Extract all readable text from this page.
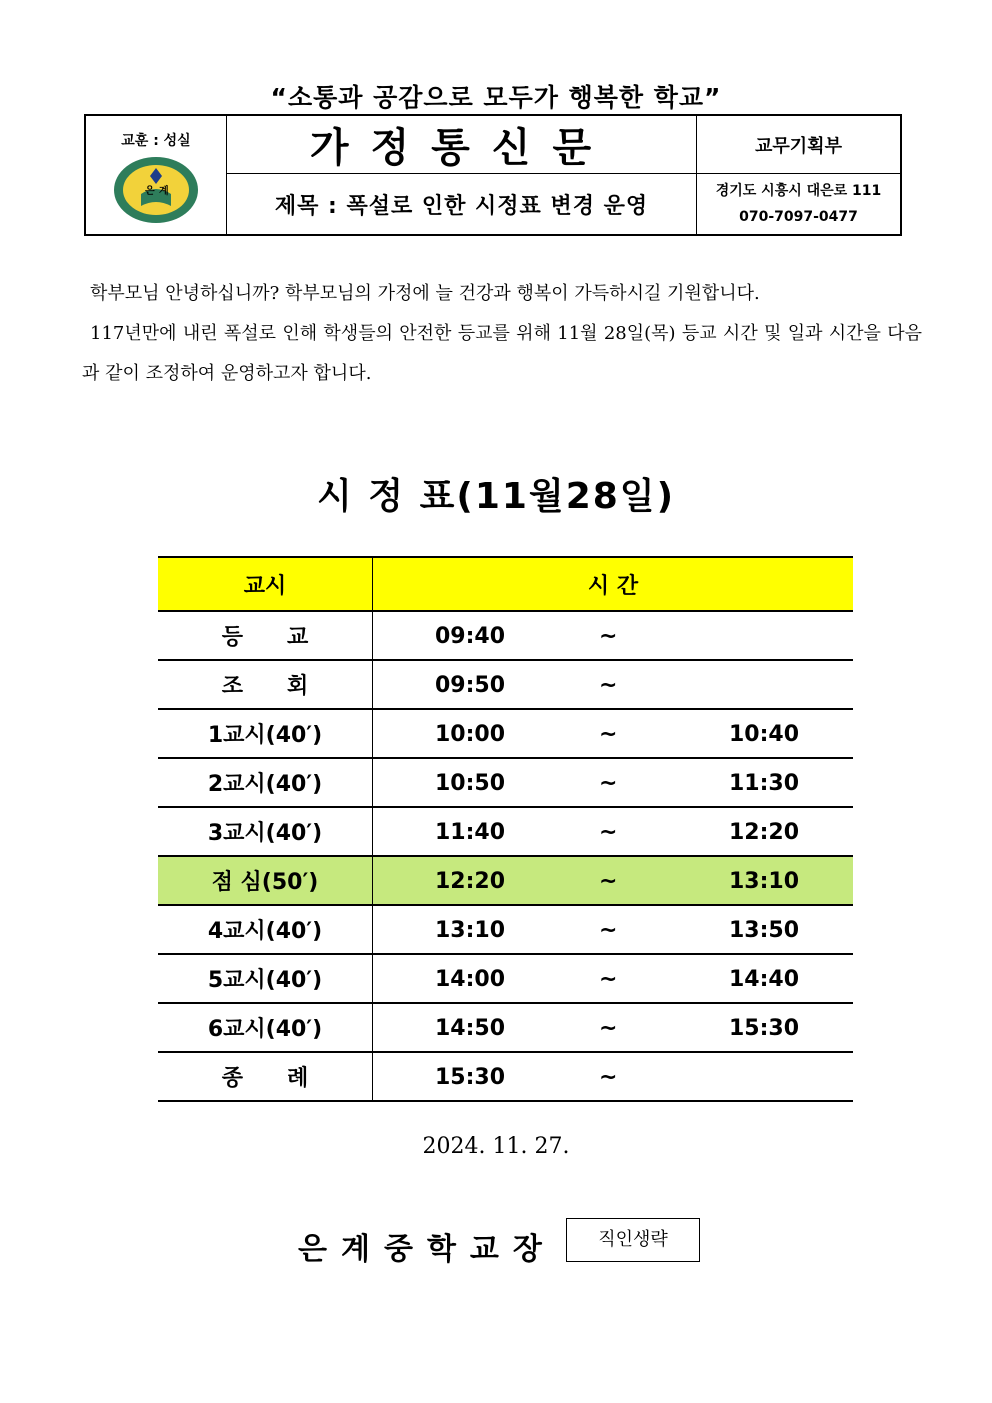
“소통과 공감으로 모두가 행복한 학교”
교훈 : 성실
은 계	가정통신문	교무기획부
	제목 : 폭설로 인한 시정표 변경 운영	경기도 시흥시 대은로 111
070-7097-0477

학부모님 안녕하십니까? 학부모님의 가정에 늘 건강과 행복이 가득하시길 기원합니다.

117년만에 내린 폭설로 인해 학생들의 안전한 등교를 위해 11월 28일(목) 등교 시간 및 일과 시간을 다음과 같이 조정하여 운영하고자 합니다.

시 정 표(11월28일)
교시	시 간
등　　교	09:40 ~

조　　회	09:50 ~

1교시(40′)	10:00 ~ 10:40

2교시(40′)	10:50 ~ 11:30

3교시(40′)	11:40 ~ 12:20

점 심(50′)	12:20 ~ 13:10

4교시(40′)	13:10 ~ 13:50

5교시(40′)	14:00 ~ 14:40

6교시(40′)	14:50 ~ 15:30

종　　례	15:30 ~
2024. 11. 27.
은계중학교장	직인생략
